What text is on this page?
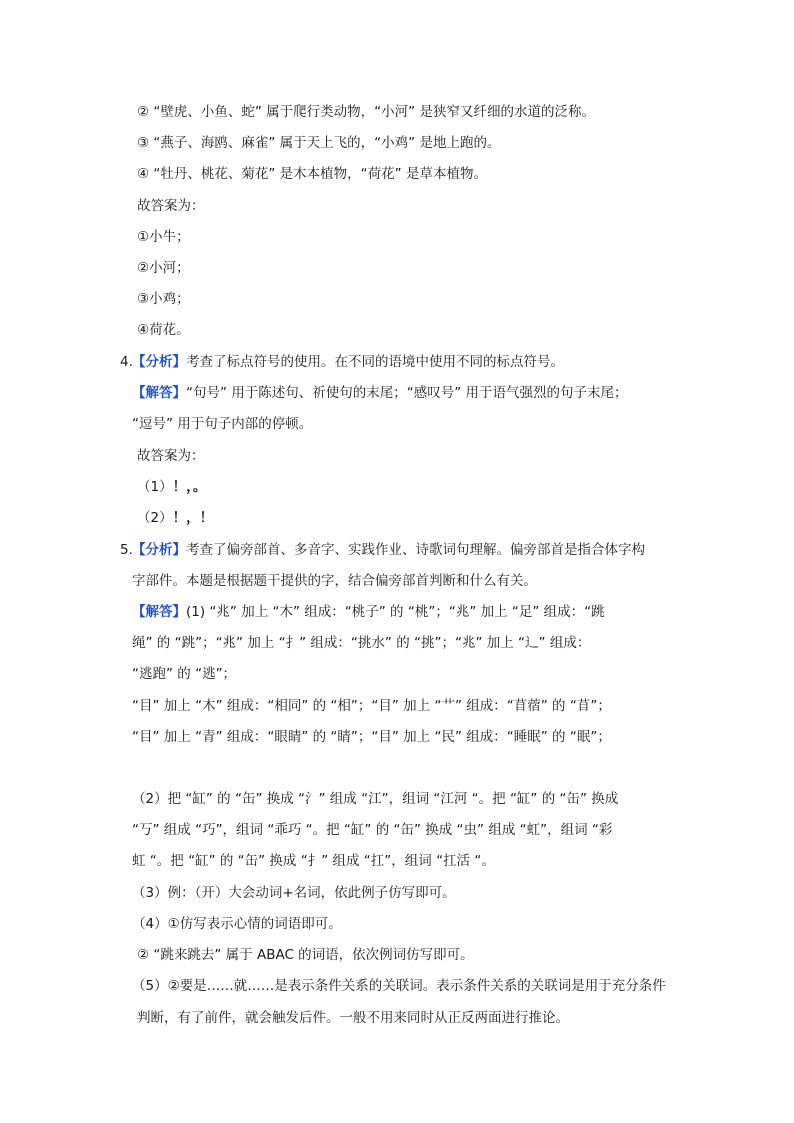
② “壁虎、小鱼、蛇” 属于爬行类动物，“小河” 是狭窄又纤细的水道的泛称。
③ “燕子、海鸥、麻雀” 属于天上飞的，“小鸡” 是地上跑的。
④ “牡丹、桃花、菊花” 是木本植物，“荷花” 是草本植物。
故答案为：
①小牛；
②小河；
③小鸡；
④荷花。
4. 【分析】考查了标点符号的使用。在不同的语境中使用不同的标点符号。
【解答】“句号” 用于陈述句、祈使句的末尾；“感叹号” 用于语气强烈的句子末尾；
“逗号” 用于句子内部的停顿。
故答案为：
（1）！，。
（2）！，！
5. 【分析】考查了偏旁部首、多音字、实践作业、诗歌词句理解。偏旁部首是指合体字构
字部件。本题是根据题干提供的字，结合偏旁部首判断和什么有关。
【解答】(1) “兆” 加上 “木” 组成：“桃子” 的 “桃”；“兆” 加上 “足” 组成：“跳
绳” 的 “跳”；“兆” 加上 “扌” 组成：“挑水” 的 “挑”；“兆” 加上 “辶” 组成：
“逃跑” 的 “逃”；
“目” 加上 “木” 组成：“相同” 的 “相”；“目” 加上 “艹” 组成：“苜蓿” 的 “苜”；
“目” 加上 “青” 组成：“眼睛” 的 “睛”；“目” 加上 “民” 组成：“睡眠” 的 “眠”；
（2）把 “缸” 的 “缶” 换成 “氵” 组成 “江”，组词 “江河 “。把 “缸” 的 “缶” 换成
“丂” 组成 “巧”，组词 “乖巧 “。把 “缸” 的 “缶” 换成 “虫” 组成 “虹”，组词 “彩
虹 “。把 “缸” 的 “缶” 换成 “扌” 组成 “扛”，组词 “扛活 “。
（3）例：（开）大会动词+名词，依此例子仿写即可。
（4）①仿写表示心情的词语即可。
② “跳来跳去” 属于 ABAC 的词语，依次例词仿写即可。
（5）②要是……就……是表示条件关系的关联词。表示条件关系的关联词是用于充分条件
判断，有了前件，就会触发后件。一般不用来同时从正反两面进行推论。
